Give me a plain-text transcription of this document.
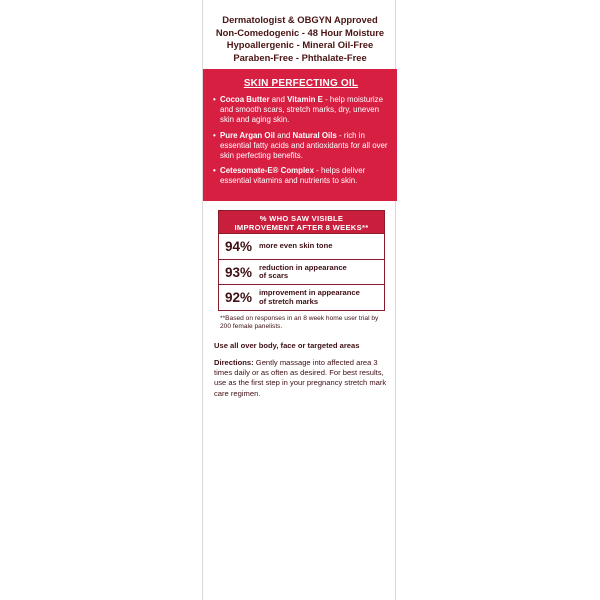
Dermatologist & OBGYN Approved
Non-Comedogenic - 48 Hour Moisture
Hypoallergenic - Mineral Oil-Free
Paraben-Free - Phthalate-Free
SKIN PERFECTING OIL
• Cocoa Butter and Vitamin E - help moisturize and smooth scars, stretch marks, dry, uneven skin and aging skin.
• Pure Argan Oil and Natural Oils - rich in essential fatty acids and antioxidants for all over skin perfecting benefits.
• Cetesomate-E® Complex - helps deliver essential vitamins and nutrients to skin.
% WHO SAW VISIBLE
IMPROVEMENT AFTER 8 WEEKS**
94% more even skin tone
93% reduction in appearance
of scars
92% improvement in appearance
of stretch marks
**Based on responses in an 8 week home user trial by 200 female panelists.
Use all over body, face or targeted areas
Directions: Gently massage into affected area 3 times daily or as often as desired. For best results, use as the first step in your pregnancy stretch mark care regimen.
